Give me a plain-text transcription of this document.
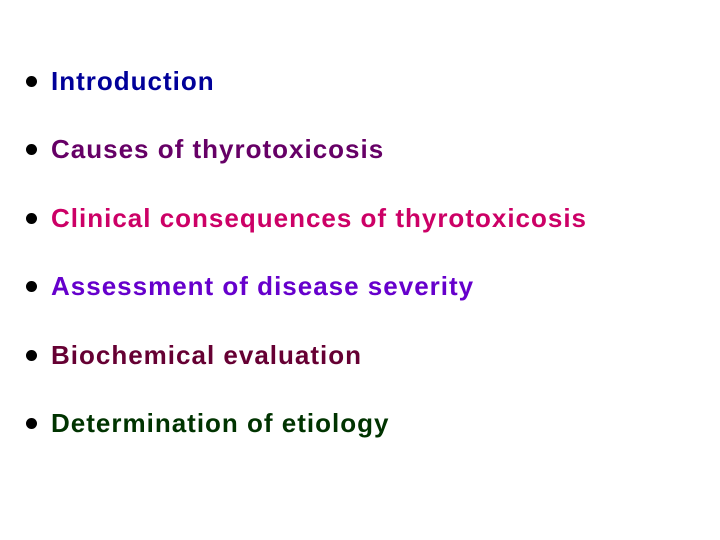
Introduction
Causes of thyrotoxicosis
Clinical consequences of thyrotoxicosis
Assessment of disease severity
Biochemical evaluation
Determination of etiology
